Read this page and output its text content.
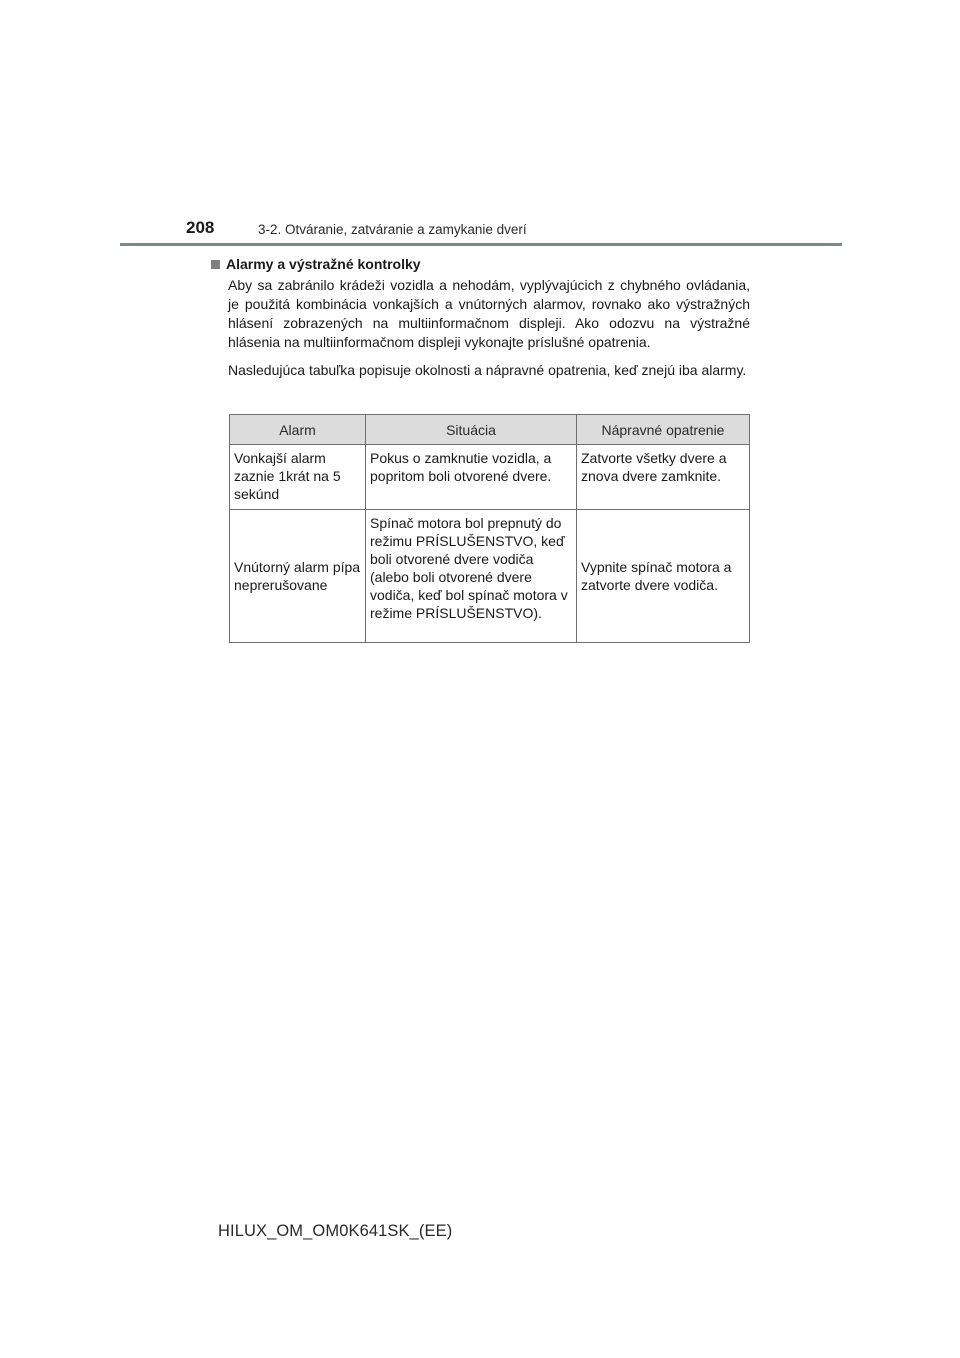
208	3-2. Otváranie, zatváranie a zamykanie dverí
Alarmy a výstražné kontrolky

Aby sa zabránilo krádeži vozidla a nehodám, vyplývajúcich z chybného ovládania, je použitá kombinácia vonkajších a vnútorných alarmov, rovnako ako výstražných hlásení zobrazených na multiinformačnom displeji. Ako odozvu na výstražné hlásenia na multiinformačnom displeji vykonajte príslušné opatrenia.

Nasledujúca tabuľka popisuje okolnosti a nápravné opatrenia, keď znejú iba alarmy.

Alarm	Situácia	Nápravné opatrenie
Vonkajší alarm zaznie 1krát na 5 sekúnd	Pokus o zamknutie vozidla, a popritom boli otvorené dvere.	Zatvorte všetky dvere a znova dvere zamknite.
Vnútorný alarm pípa neprerušovane	Spínač motora bol prepnutý do režimu PRÍSLUŠENSTVO, keď boli otvorené dvere vodiča (alebo boli otvorené dvere vodiča, keď bol spínač motora v režime PRÍSLUŠENSTVO).	Vypnite spínač motora a zatvorte dvere vodiča.
HILUX_OM_OM0K641SK_(EE)
